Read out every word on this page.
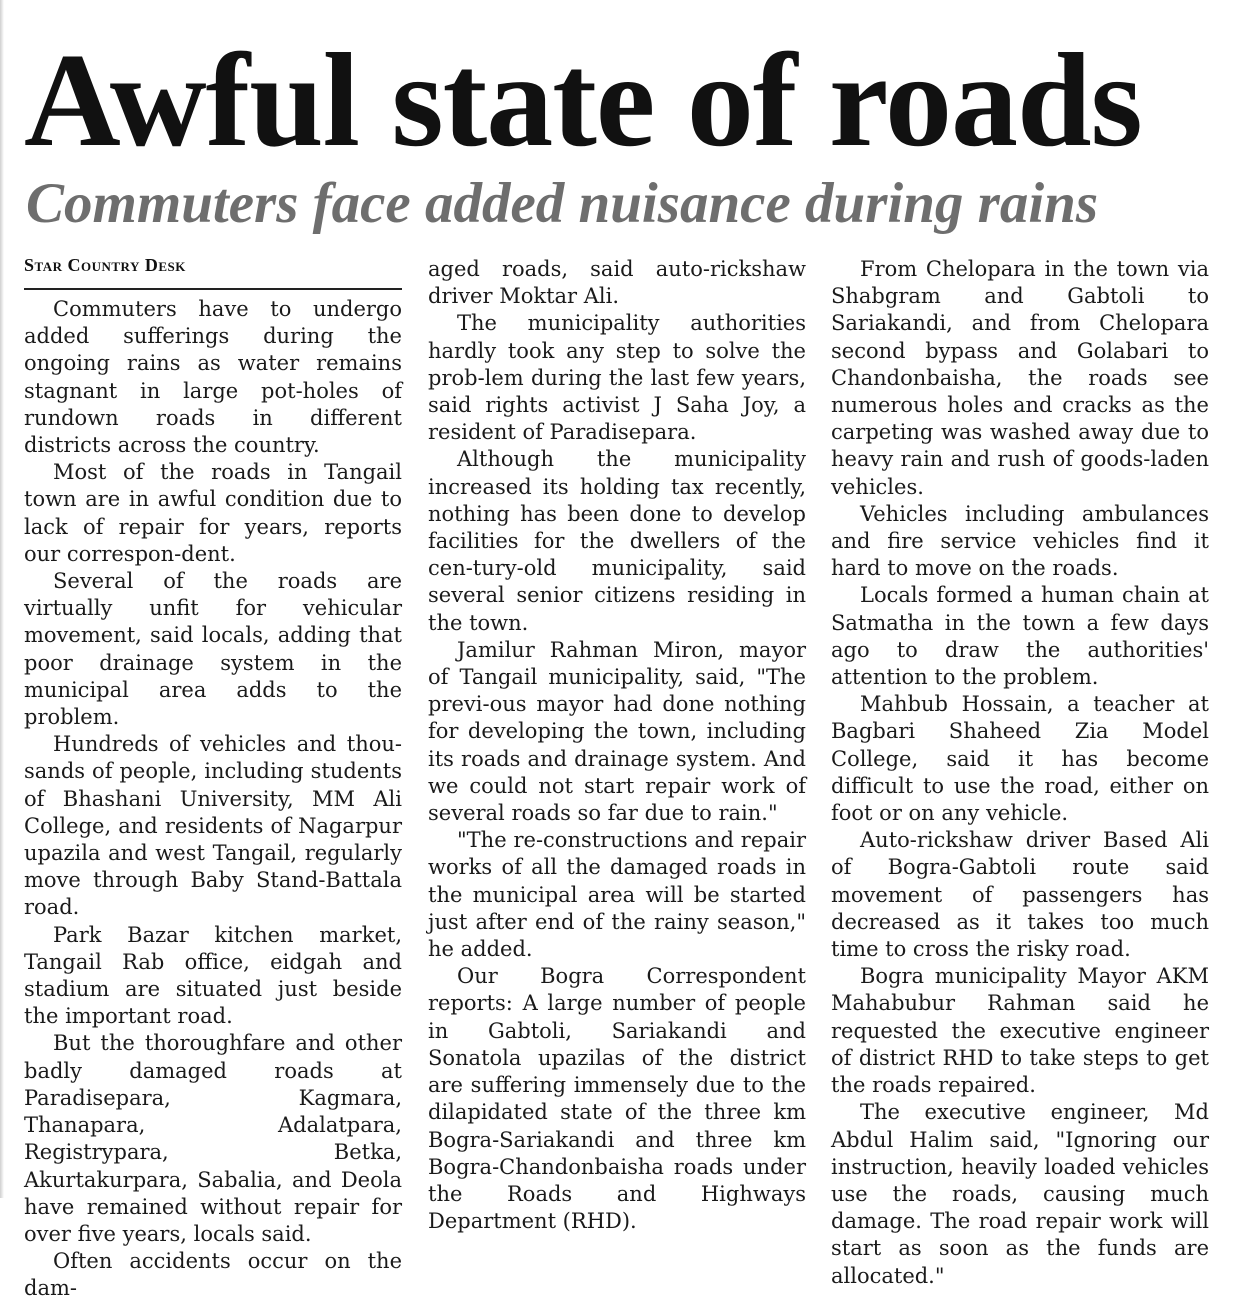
Awful state of roads
Commuters face added nuisance during rains
Star Country Desk

Commuters have to undergo added sufferings during the ongoing rains as water remains stagnant in large pot-holes of rundown roads in different districts across the country.

Most of the roads in Tangail town are in awful condition due to lack of repair for years, reports our correspon-dent.

Several of the roads are virtually unfit for vehicular movement, said locals, adding that poor drainage system in the municipal area adds to the problem.

Hundreds of vehicles and thou-sands of people, including students of Bhashani University, MM Ali College, and residents of Nagarpur upazila and west Tangail, regularly move through Baby Stand-Battala road.

Park Bazar kitchen market, Tangail Rab office, eidgah and stadium are situated just beside the important road.

But the thoroughfare and other badly damaged roads at Paradisepara, Kagmara, Thanapara, Adalatpara, Registrypara, Betka, Akurtakurpara, Sabalia, and Deola have remained without repair for over five years, locals said.

Often accidents occur on the dam-

aged roads, said auto-rickshaw driver Moktar Ali.

The municipality authorities hardly took any step to solve the prob-lem during the last few years, said rights activist J Saha Joy, a resident of Paradisepara.

Although the municipality increased its holding tax recently, nothing has been done to develop facilities for the dwellers of the cen-tury-old municipality, said several senior citizens residing in the town.

Jamilur Rahman Miron, mayor of Tangail municipality, said, "The previ-ous mayor had done nothing for developing the town, including its roads and drainage system. And we could not start repair work of several roads so far due to rain."

"The re-constructions and repair works of all the damaged roads in the municipal area will be started just after end of the rainy season," he added.

Our Bogra Correspondent reports: A large number of people in Gabtoli, Sariakandi and Sonatola upazilas of the district are suffering immensely due to the dilapidated state of the three km Bogra-Sariakandi and three km Bogra-Chandonbaisha roads under the Roads and Highways Department (RHD).

From Chelopara in the town via Shabgram and Gabtoli to Sariakandi, and from Chelopara second bypass and Golabari to Chandonbaisha, the roads see numerous holes and cracks as the carpeting was washed away due to heavy rain and rush of goods-laden vehicles.

Vehicles including ambulances and fire service vehicles find it hard to move on the roads.

Locals formed a human chain at Satmatha in the town a few days ago to draw the authorities' attention to the problem.

Mahbub Hossain, a teacher at Bagbari Shaheed Zia Model College, said it has become difficult to use the road, either on foot or on any vehicle.

Auto-rickshaw driver Based Ali of Bogra-Gabtoli route said movement of passengers has decreased as it takes too much time to cross the risky road.

Bogra municipality Mayor AKM Mahabubur Rahman said he requested the executive engineer of district RHD to take steps to get the roads repaired.

The executive engineer, Md Abdul Halim said, "Ignoring our instruction, heavily loaded vehicles use the roads, causing much damage. The road repair work will start as soon as the funds are allocated."
